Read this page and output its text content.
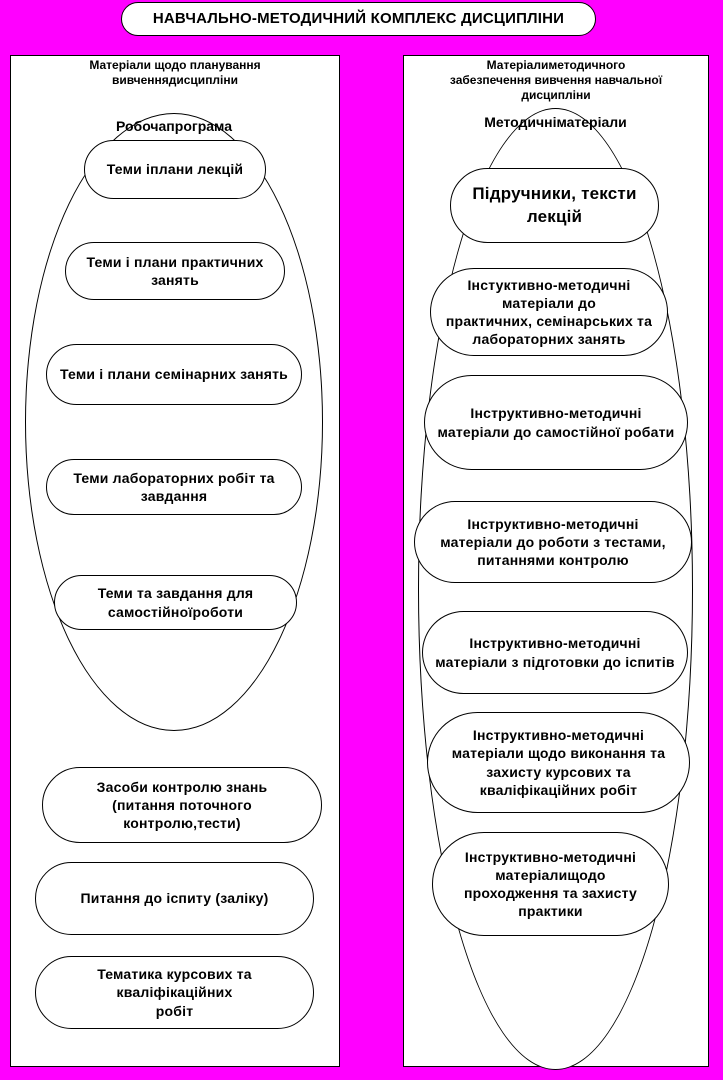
НАВЧАЛЬНО-МЕТОДИЧНИЙ КОМПЛЕКС ДИСЦИПЛІНИ
Матеріали щодо планування
вивченнядисципліни
Робочапрограма
Теми іплани лекцій
Теми і плани практичних
занять
Теми і плани семінарних занять
Теми лабораторних робіт та
завдання
Теми та завдання для
самостійноїроботи
Засоби контролю знань
(питання поточного
контролю,тести)
Питання до іспиту (заліку)
Тематика курсових та
кваліфікаційних
робіт
Матеріалиметодичного
забезпечення вивчення навчальної
дисципліни
Методичніматеріали
Підручники, тексти
лекцій
Інстуктивно-методичні
матеріали до
практичних, семінарських та
лабораторних занять
Інструктивно-методичні
матеріали до самостійної робати
Інструктивно-методичні
матеріали до роботи з тестами,
питаннями контролю
Інструктивно-методичні
матеріали з підготовки до іспитів
Інструктивно-методичні
матеріали щодо виконання та
захисту курсових та
кваліфікаційних робіт
Інструктивно-методичні
матеріалищодо
проходження та захисту
практики
